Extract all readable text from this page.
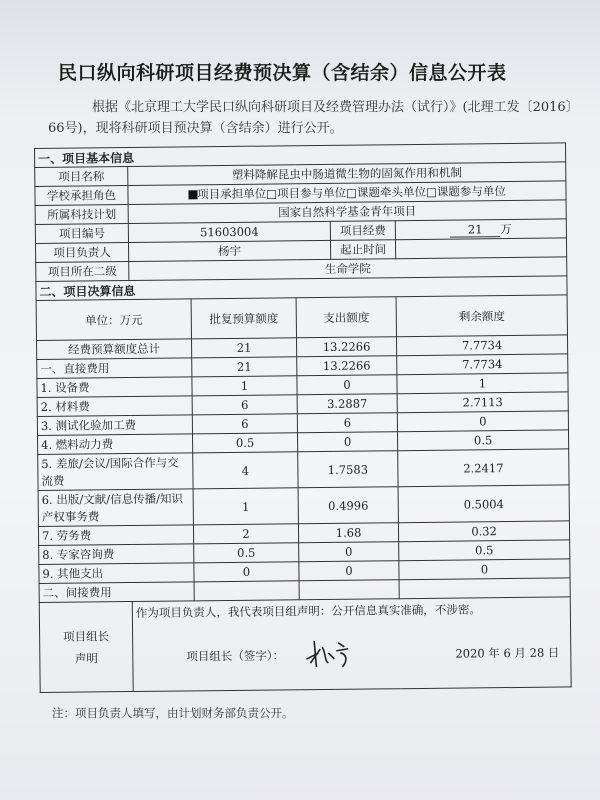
民口纵向科研项目经费预决算（含结余）信息公开表
根据《北京理工大学民口纵向科研项目及经费管理办法（试行）》(北理工发〔2016〕66号)，现将科研项目预决算（含结余）进行公开。
一、项目基本信息					
项目名称	塑料降解昆虫中肠道微生物的固氮作用和机制				
学校承担角色	项目承担单位□项目参与单位□课题牵头单位□课题参与单位				
所属科技计划	国家自然科学基金青年项目				
项目编号	51603004			项目经费	21 万
项目负责人	杨宇			起止时间	
项目所在二级	生命学院				
二、项目决算信息					
单位：万元		批复预算额度	支出额度		剩余额度
经费预算额度总计		21	13.2266		7.7734
一、直接费用		21	13.2266		7.7734
1. 设备费		1	0		1
2. 材料费		6	3.2887		2.7113
3. 测试化验加工费		6	6		0
4. 燃料动力费		0.5	0		0.5
5. 差旅/会议/国际合作与交流费		4	1.7583		2.2417
6. 出版/文献/信息传播/知识产权事务费		1	0.4996		0.5004
7. 劳务费		2	1.68		0.32
8. 专家咨询费		0.5	0		0.5
9. 其他支出		0	0		0
二、间接费用					
项目组长声明	作为项目负责人，我代表项目组声明：公开信息真实准确，不涉密。
项目组长（签字）： 2020 年 6 月 28 日				
注：项目负责人填写，由计划财务部负责公开。
